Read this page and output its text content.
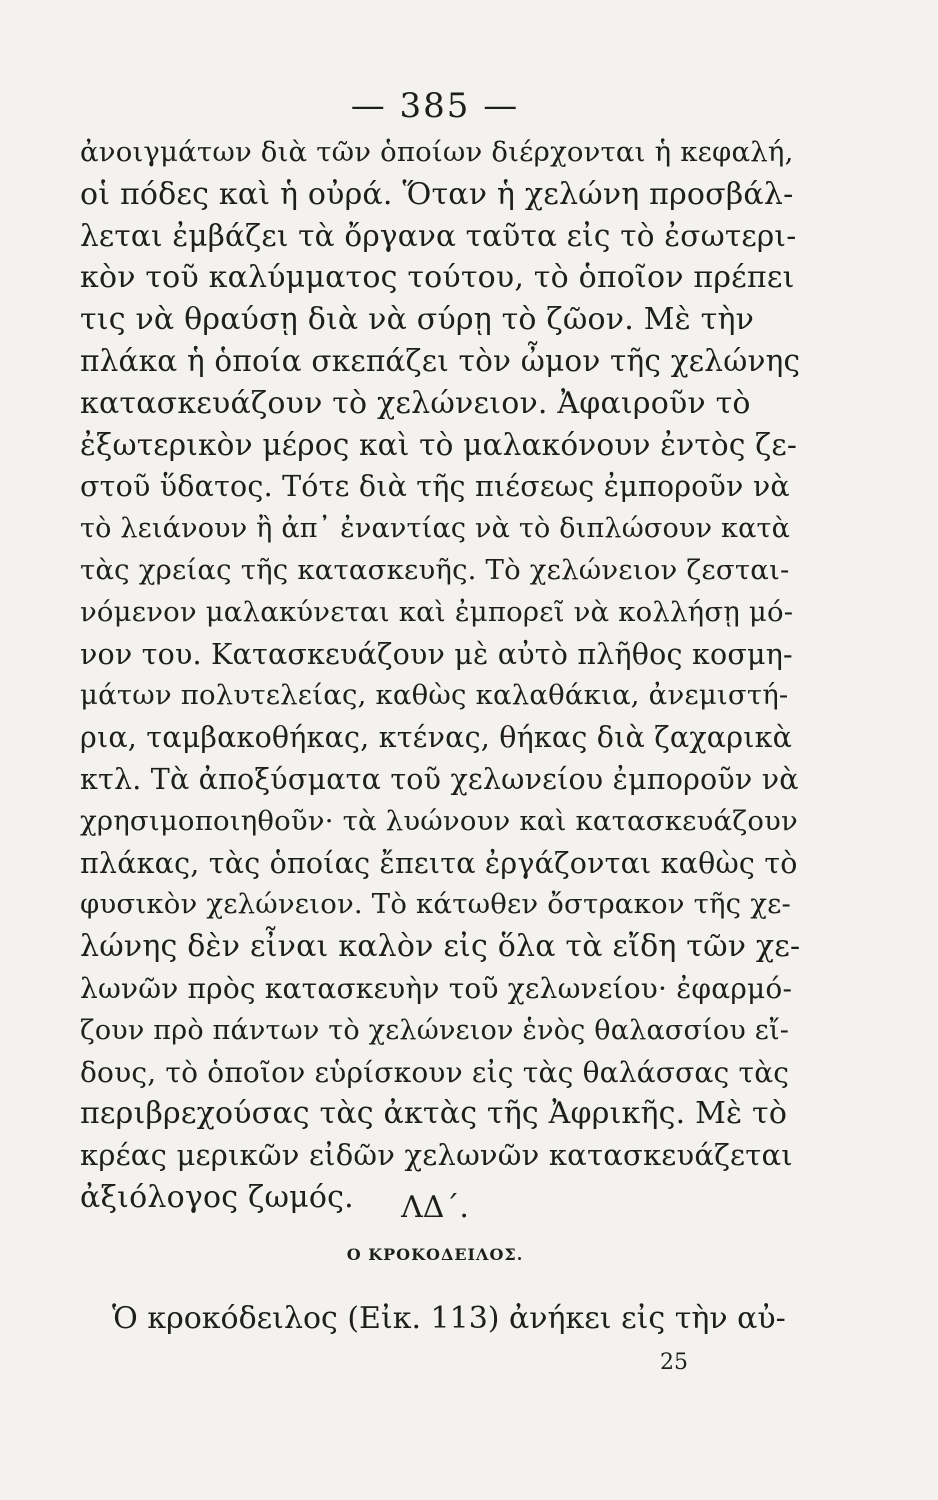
— 385 —
ἀνοιγμάτων διὰ τῶν ὁποίων διέρχονται ἡ κεφαλή,
οἱ πόδες καὶ ἡ οὐρά. Ὅταν ἡ χελώνη προσβάλ-
λεται ἐμβάζει τὰ ὄργανα ταῦτα εἰς τὸ ἐσωτερι-
κὸν τοῦ καλύμματος τούτου, τὸ ὁποῖον πρέπει
τις νὰ θραύσῃ διὰ νὰ σύρῃ τὸ ζῶον. Μὲ τὴν
πλάκα ἡ ὁποία σκεπάζει τὸν ὦμον τῆς χελώνης
κατασκευάζουν τὸ χελώνειον. Ἀφαιροῦν τὸ
ἐξωτερικὸν μέρος καὶ τὸ μαλακόνουν ἐντὸς ζε-
στοῦ ὕδατος. Τότε διὰ τῆς πιέσεως ἐμποροῦν νὰ
τὸ λειάνουν ἢ ἀπ᾿ ἐναντίας νὰ τὸ διπλώσουν κατὰ
τὰς χρείας τῆς κατασκευῆς. Τὸ χελώνειον ζεσται-
νόμενον μαλακύνεται καὶ ἐμπορεῖ νὰ κολλήσῃ μό-
νον του. Κατασκευάζουν μὲ αὐτὸ πλῆθος κοσμη-
μάτων πολυτελείας, καθὼς καλαθάκια, ἀνεμιστή-
ρια, ταμβακοθήκας, κτένας, θήκας διὰ ζαχαρικὰ
κτλ. Τὰ ἀποξύσματα τοῦ χελωνείου ἐμποροῦν νὰ
χρησιμοποιηθοῦν· τὰ λυώνουν καὶ κατασκευάζουν
πλάκας, τὰς ὁποίας ἔπειτα ἐργάζονται καθὼς τὸ
φυσικὸν χελώνειον. Τὸ κάτωθεν ὄστρακον τῆς χε-
λώνης δὲν εἶναι καλὸν εἰς ὅλα τὰ εἴδη τῶν χε-
λωνῶν πρὸς κατασκευὴν τοῦ χελωνείου· ἐφαρμό-
ζουν πρὸ πάντων τὸ χελώνειον ἑνὸς θαλασσίου εἴ-
δους, τὸ ὁποῖον εὑρίσκουν εἰς τὰς θαλάσσας τὰς
περιβρεχούσας τὰς ἀκτὰς τῆς Ἀφρικῆς. Μὲ τὸ
κρέας μερικῶν εἰδῶν χελωνῶν κατασκευάζεται
ἀξιόλογος ζωμός.	ΛΔ΄.
Ο ΚΡΟΚΟΔΕΙΛΟΣ.
Ὁ κροκόδειλος (Εἰκ. 113) ἀνήκει εἰς τὴν αὐ-
25
